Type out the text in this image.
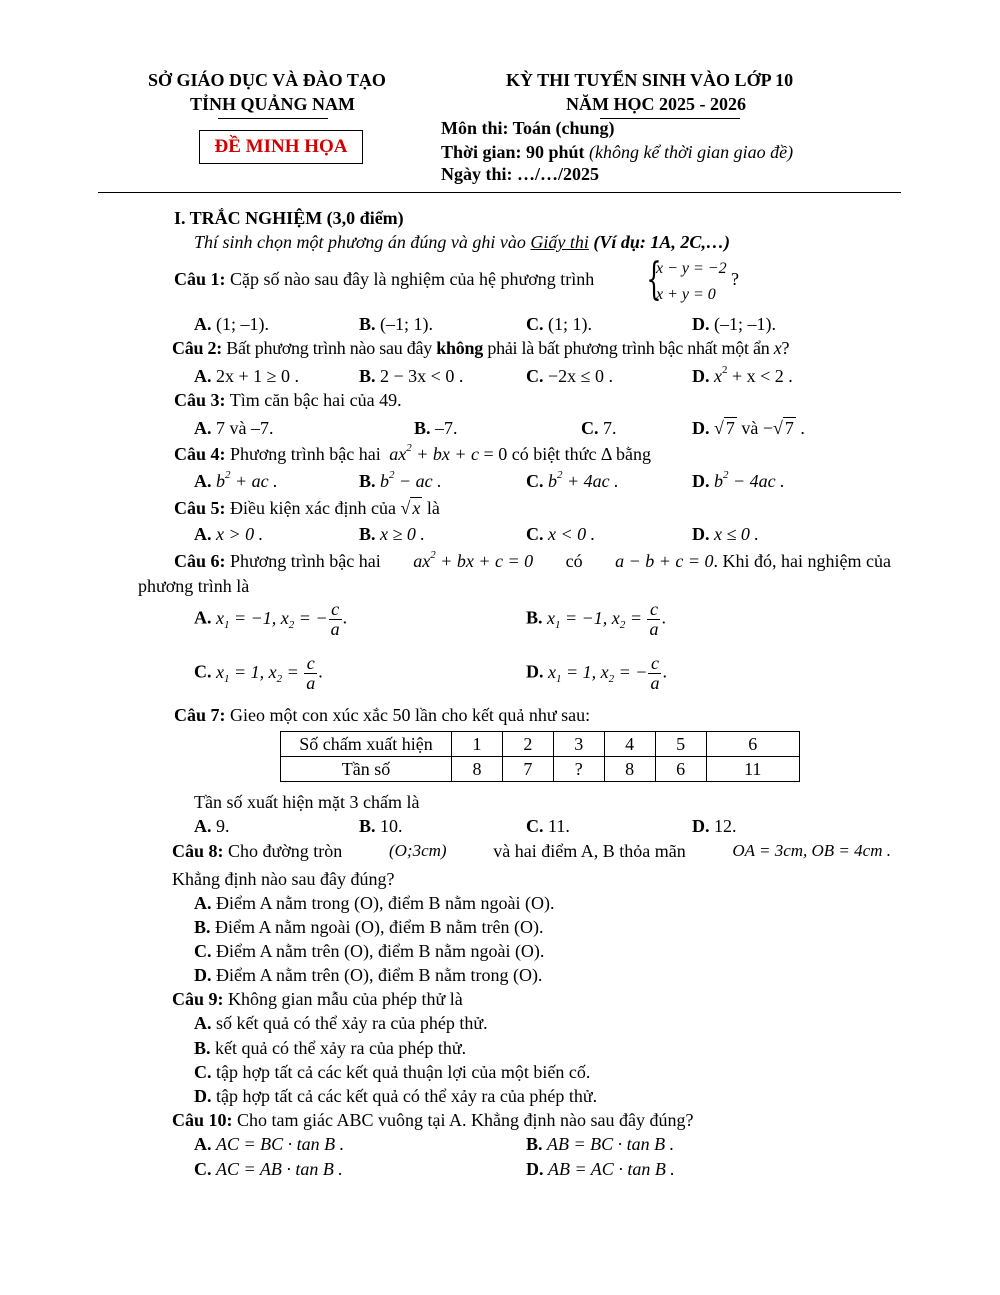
SỞ GIÁO DỤC VÀ ĐÀO TẠO
TỈNH QUẢNG NAM
ĐỀ MINH HỌA
KỲ THI TUYỂN SINH VÀO LỚP 10
NĂM HỌC 2025 - 2026
Môn thi: Toán (chung)
Thời gian: 90 phút (không kể thời gian giao đề)
Ngày thi: …/…/2025
I. TRẮC NGHIỆM (3,0 điểm)
Thí sinh chọn một phương án đúng và ghi vào Giấy thi (Ví dụ: 1A, 2C,…)
Câu 1: Cặp số nào sau đây là nghiệm của hệ phương trình {
x − y = −2
x + y = 0
?
A. (1; –1).	B. (–1; 1).	C. (1; 1).	D. (–1; –1).
Câu 2: Bất phương trình nào sau đây không phải là bất phương trình bậc nhất một ẩn x?
A. 2x + 1 ≥ 0 .	B. 2 − 3x < 0 .	C. −2x ≤ 0 .	D. $x^2 + x < 2$ .
Câu 3: Tìm căn bậc hai của 49.
A. 7 và –7.	B. –7.	C. 7.	D. √ 7 và −√ 7 .
Câu 4: Phương trình bậc hai $ax^2$ + bx + c = 0 có biệt thức Δ bằng
A. $b^2$ + ac .	B. $b^2$ − ac .	C. $b^2 + 4ac$ .	D. $b^2 - 4ac$ .
Câu 5: Điều kiện xác định của √ x là
A. x > 0 .	B. x ≥ 0 .	C. x < 0 .	D. x ≤ 0 .
Câu 6: Phương trình bậc hai $ax^2$ + bx + c = 0 có a − b + c = 0. Khi đó, hai nghiệm của
phương trình là
A. $x_1 = -1$, $x_2$ = − $\frac{c}{a}$ .	B. $x_1 = -1$, $x_2 = \frac{c}{a}$ .
C. $x_1 = 1$, $x_2 = \frac{c}{a}$ .	D. $x_1 = 1$, $x_2$ = − $\frac{c}{a}$ .
Câu 7: Gieo một con xúc xắc 50 lần cho kết quả như sau:
Số chấm xuất hiện	1	2	3	4	5	6
Tần số	8	7	?	8	6	11
Tần số xuất hiện mặt 3 chấm là
A. 9.	B. 10.	C. 11.	D. 12.
Câu 8: Cho đường tròn	(O;3cm)	và hai điểm A, B thỏa mãn	OA = 3cm, OB = 4cm .
Khẳng định nào sau đây đúng?
A. Điểm A nằm trong (O), điểm B nằm ngoài (O).
B. Điểm A nằm ngoài (O), điểm B nằm trên (O).
C. Điểm A nằm trên (O), điểm B nằm ngoài (O).
D. Điểm A nằm trên (O), điểm B nằm trong (O).
Câu 9: Không gian mẫu của phép thử là
A. số kết quả có thể xảy ra của phép thử.
B. kết quả có thể xảy ra của phép thử.
C. tập hợp tất cả các kết quả thuận lợi của một biến cố.
D. tập hợp tất cả các kết quả có thể xảy ra của phép thử.
Câu 10: Cho tam giác ABC vuông tại A. Khẳng định nào sau đây đúng?
A. AC = BC · tan B .	B. AB = BC · tan B .
C. AC = AB · tan B .	D. AB = AC · tan B .
